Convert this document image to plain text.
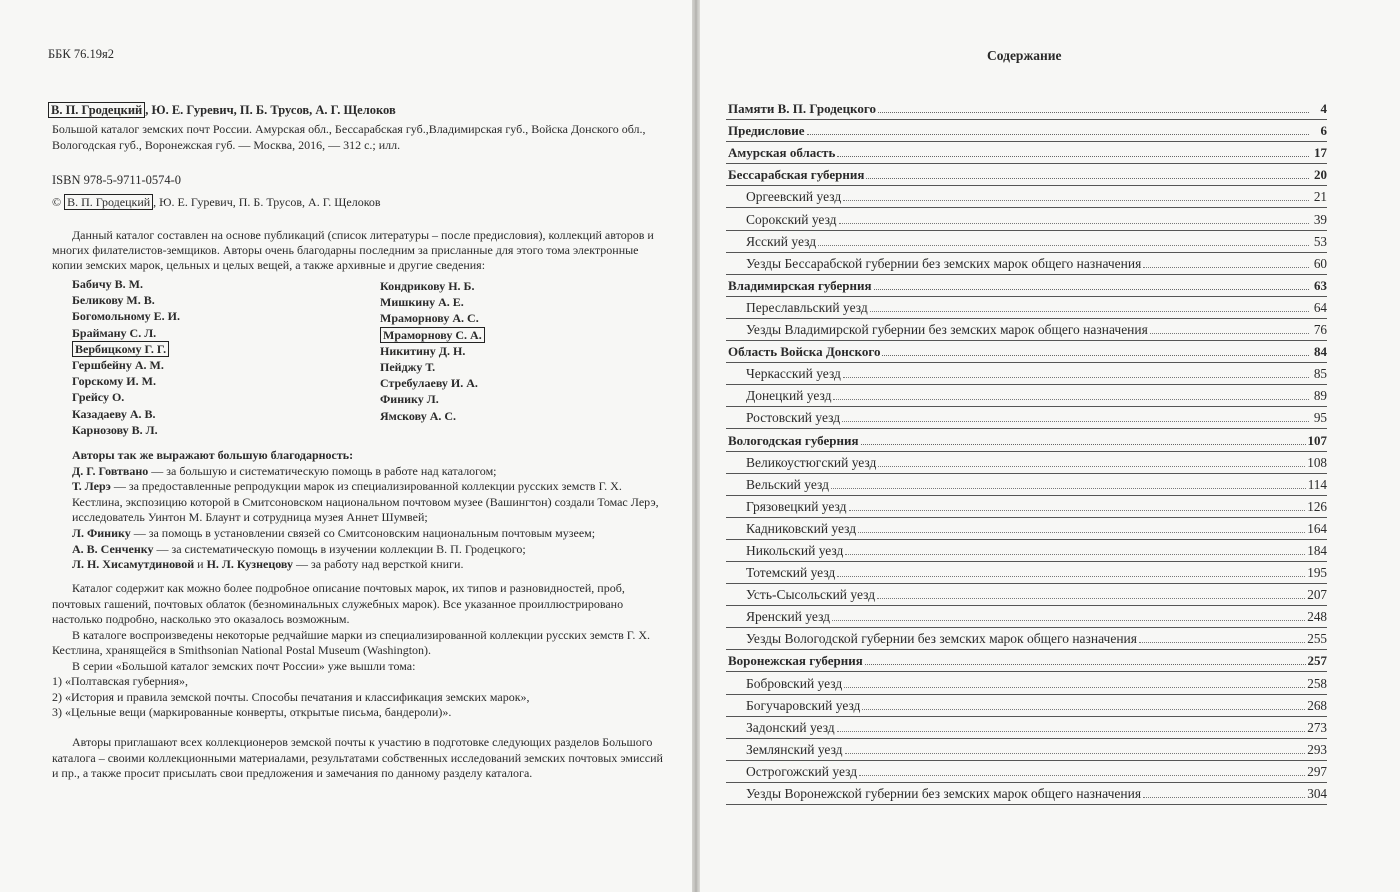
ББК 76.19я2
В. П. Гродецкий , Ю. Е. Гуревич, П. Б. Трусов, А. Г. Щелоков
Большой каталог земских почт России. Амурская обл., Бессарабская губ.,Владимирская губ., Войска Донского обл., Вологодская губ., Воронежская губ. — Москва, 2016, — 312 с.; илл.
ISBN 978-5-9711-0574-0
© В. П. Гродецкий , Ю. Е. Гуревич, П. Б. Трусов, А. Г. Щелоков
Данный каталог составлен на основе публикаций (список литературы – после предисловия), коллекций авторов и многих филателистов-земщиков. Авторы очень благодарны последним за присланные для этого тома электронные копии земских марок, цельных и целых вещей, а также архивные и другие сведения:
Бабичу В. М.
Беликову М. В.
Богомольному Е. И.
Брайману С. Л.
Вербицкому Г. Г.
Гершбейну А. М.
Горскому И. М.
Грейсу О.
Казадаеву А. В.
Карнозову В. Л.
Кондрикову Н. Б.
Мишкину А. Е.
Мраморнову А. С.
Мраморнову С. А.
Никитину Д. Н.
Пейджу Т.
Стребулаеву И. А.
Финику Л.
Ямскову А. С.
Авторы так же выражают большую благодарность:
Д. Г. Говтвано — за большую и систематическую помощь в работе над каталогом;
Т. Лерэ — за предоставленные репродукции марок из специализированной коллекции русских земств Г. Х. Кестлина, экспозицию которой в Смитсоновском национальном почтовом музее (Вашингтон) создали Томас Лерэ, исследователь Уинтон М. Блаунт и сотрудница музея Аннет Шумвей;
Л. Финику — за помощь в установлении связей со Смитсоновским национальным почтовым музеем;
А. В. Сенченку — за систематическую помощь в изучении коллекции В. П. Гродецкого;
Л. Н. Хисамутдиновой и Н. Л. Кузнецову — за работу над версткой книги.
Каталог содержит как можно более подробное описание почтовых марок, их типов и разновидностей, проб, почтовых гашений, почтовых облаток (безноминальных служебных марок). Все указанное проиллюстрировано настолько подробно, насколько это оказалось возможным.
В каталоге воспроизведены некоторые редчайшие марки из специализированной коллекции русских земств Г. Х. Кестлина, хранящейся в Smithsonian National Postal Museum (Washington).
В серии «Большой каталог земских почт России» уже вышли тома:
1) «Полтавская губерния»,
2) «История и правила земской почты. Способы печатания и классификация земских марок»,
3) «Цельные вещи (маркированные конверты, открытые письма, бандероли)».
Авторы приглашают всех коллекционеров земской почты к участию в подготовке следующих разделов Большого каталога – своими коллекционными материалами, результатами собственных исследований земских почтовых эмиссий и пр., а также просит присылать свои предложения и замечания по данному разделу каталога.
Содержание
Памяти В. П. Гродецкого	4
Предисловие	6
Амурская область	17
Бессарабская губерния	20
Оргеевский уезд	21
Сорокский уезд	39
Ясский уезд	53
Уезды Бессарабской губернии без земских марок общего назначения	60
Владимирская губерния	63
Переславльский уезд	64
Уезды Владимирской губернии без земских марок общего назначения	76
Область Войска Донского	84
Черкасский уезд	85
Донецкий уезд	89
Ростовский уезд	95
Вологодская губерния	107
Великоустюгский уезд	108
Вельский уезд	114
Грязовецкий уезд	126
Кадниковский уезд	164
Никольский уезд	184
Тотемский уезд	195
Усть-Сысольский уезд	207
Яренский уезд	248
Уезды Вологодской губернии без земских марок общего назначения	255
Воронежская губерния	257
Бобровский уезд	258
Богучаровский уезд	268
Задонский уезд	273
Землянский уезд	293
Острогожский уезд	297
Уезды Воронежской губернии без земских марок общего назначения	304
